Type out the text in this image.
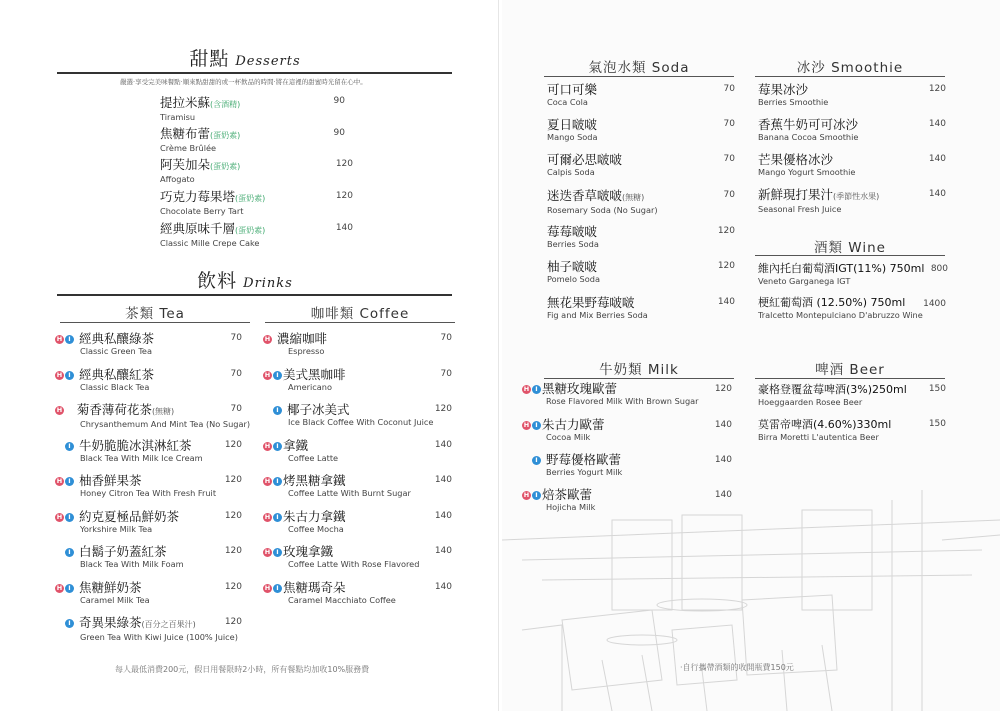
甜點 Desserts
嚴選·享受完美味餐點·順來點甜甜的或一杯飲品的時間·將在這裡的甜蜜時光留在心中。
提拉米蘇(含酒精)
Tiramisu
90
焦糖布蕾(蛋奶素)
Crème Brûlée
90
阿芙加朵(蛋奶素)
Affogato
120
巧克力莓果塔(蛋奶素)
Chocolate Berry Tart
120
經典原味千層(蛋奶素)
Classic Mille Crepe Cake
140
飲料 Drinks
茶類 Tea	咖啡類 Coffee
H I 經典私釀綠茶
Classic Green Tea
70
H I 經典私釀紅茶
Classic Black Tea
70
H 菊香薄荷花茶(無糖)
Chrysanthemum And Mint Tea (No Sugar)
70
I 牛奶脆脆冰淇淋紅茶
Black Tea With Milk Ice Cream
120
H I 柚香鮮果茶
Honey Citron Tea With Fresh Fruit
120
H I 約克夏極品鮮奶茶
Yorkshire Milk Tea
120
I 白鬍子奶蓋紅茶
Black Tea With Milk Foam
120
H I 焦糖鮮奶茶
Caramel Milk Tea
120
I 奇異果綠茶(百分之百果汁)
Green Tea With Kiwi Juice (100% Juice)
120
H 濃縮咖啡
Espresso
70
H I 美式黑咖啡
Americano
70
I 椰子冰美式
Ice Black Coffee With Coconut Juice
120
H I 拿鐵
Coffee Latte
140
H I 烤黑糖拿鐵
Coffee Latte With Burnt Sugar
140
H I 朱古力拿鐵
Coffee Mocha
140
H I 玫瑰拿鐵
Coffee Latte With Rose Flavored
140
H I 焦糖瑪奇朵
Caramel Macchiato Coffee
140
每人最低消費200元，假日用餐限時2小時，所有餐點均加收10%服務費
氣泡水類 Soda	冰沙 Smoothie
可口可樂
Coca Cola
70
夏日啵啵
Mango Soda
70
可爾必思啵啵
Calpis Soda
70
迷迭香草啵啵(無糖)
Rosemary Soda (No Sugar)
70
莓莓啵啵
Berries Soda
120
柚子啵啵
Pomelo Soda
120
無花果野莓啵啵
Fig and Mix Berries Soda
140
莓果冰沙
Berries Smoothie
120
香蕉牛奶可可冰沙
Banana Cocoa Smoothie
140
芒果優格冰沙
Mango Yogurt Smoothie
140
新鮮現打果汁(季節性水果)
Seasonal Fresh Juice
140
酒類 Wine
維內托白葡萄酒IGT(11%) 750ml
Veneto Garganega IGT
800
梗紅葡萄酒 (12.50%) 750ml
Tralcetto Montepulciano D'abruzzo Wine
1400
牛奶類 Milk	啤酒 Beer
H I 黑糖玫瑰歐蕾
Rose Flavored Milk With Brown Sugar
120
H I 朱古力歐蕾
Cocoa Milk
140
I 野莓優格歐蕾
Berries Yogurt Milk
140
H I 焙茶歐蕾
Hojicha Milk
140
豪格登覆盆莓啤酒(3%)250ml
Hoeggaarden Rosee Beer
150
莫雷帝啤酒(4.60%)330ml
Birra Moretti L'autentica Beer
150
·自行攜帶酒類的收開瓶費150元
